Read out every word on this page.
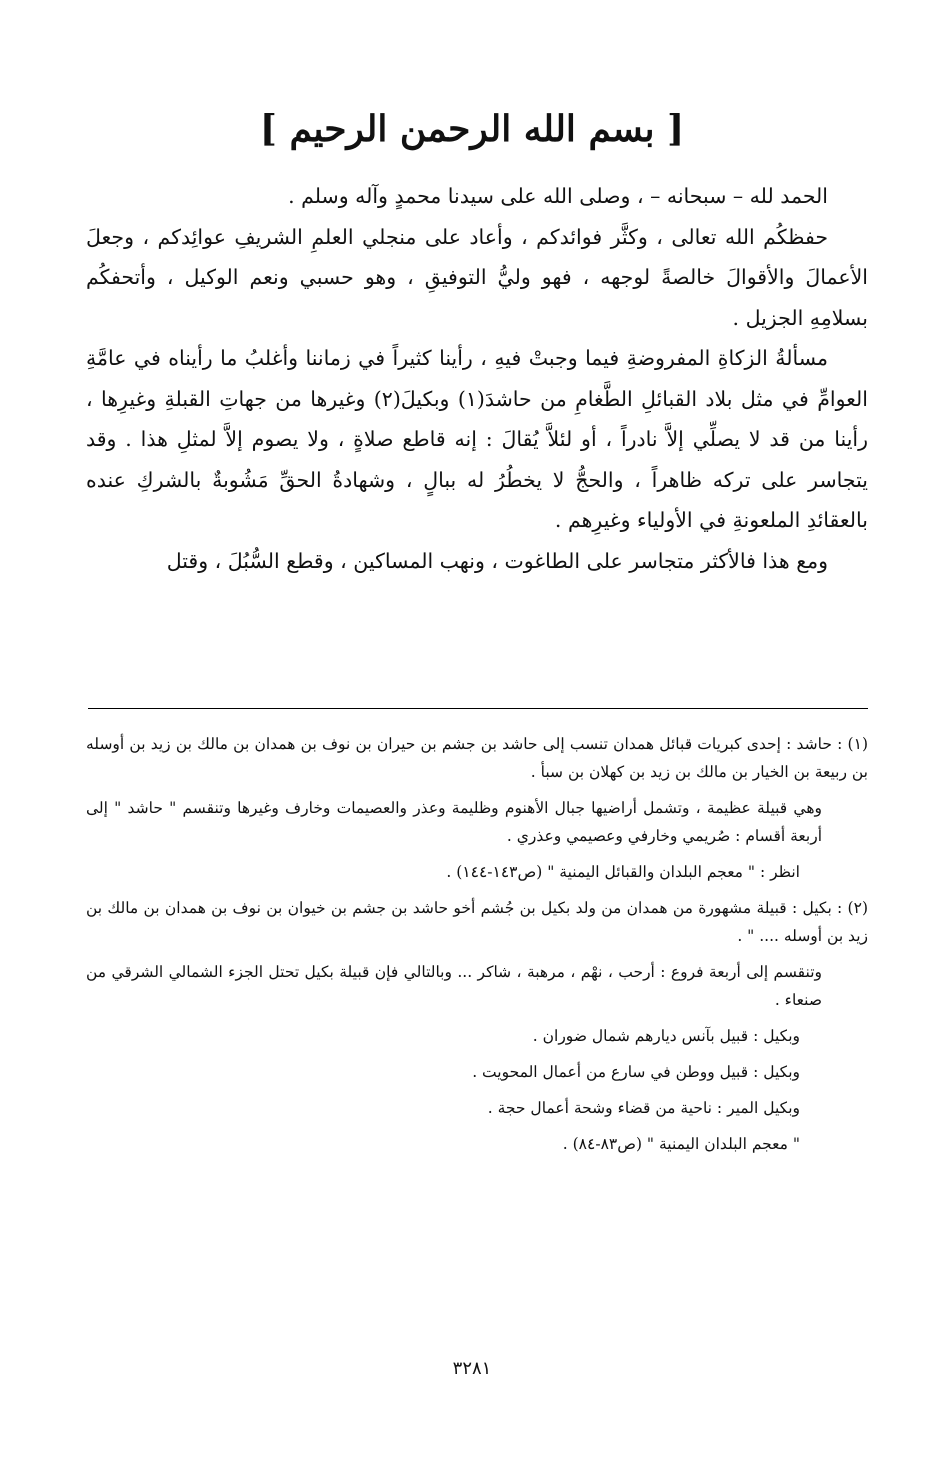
[ بسم الله الرحمن الرحيم ]

الحمد لله – سبحانه – ، وصلى الله على سيدنا محمدٍ وآله وسلم .

حفظكُم الله تعالى ، وكثَّر فوائدكم ، وأعاد على منجلي العلمِ الشريفِ عوائِدكم ، وجعلَ الأعمالَ والأقوالَ خالصةً لوجهه ، فهو وليُّ التوفيقِ ، وهو حسبي ونعم الوكيل ، وأتحفكُم بسلامِهِ الجزيل .

مسألةُ الزكاةِ المفروضةِ فيما وجبتْ فيهِ ، رأينا كثيراً في زماننا وأغلبُ ما رأيناه في عامَّةِ العوامِّ في مثل بلاد القبائلِ الطَّغامِ من حاشدَ(١) وبكيلَ(٢) وغيرها من جهاتِ القبلةِ وغيرِها ، رأينا من قد لا يصلِّي إلاَّ نادراً ، أو لئلاَّ يُقالَ : إنه قاطع صلاةٍ ، ولا يصوم إلاَّ لمثلِ هذا . وقد يتجاسر على تركه ظاهراً ، والحجُّ لا يخطُرُ له ببالٍ ، وشهادةُ الحقِّ مَشُوبةٌ بالشركِ عنده بالعقائدِ الملعونةِ في الأولياء وغيرِهم .

ومع هذا فالأكثر متجاسر على الطاغوت ، ونهب المساكين ، وقطع السُّبُلَ ، وقتل

(١) : حاشد : إحدى كبريات قبائل همدان تنسب إلى حاشد بن جشم بن حيران بن نوف بن همدان بن مالك بن زيد بن أوسله بن ربيعة بن الخيار بن مالك بن زيد بن كهلان بن سبأ .

وهي قبيلة عظيمة ، وتشمل أراضيها جبال الأهنوم وظليمة وعذر والعصيمات وخارف وغيرها وتنقسم " حاشد " إلى أربعة أقسام : صُريمي وخارفي وعصيمي وعذري .

انظر : " معجم البلدان والقبائل اليمنية " (ص١٤٣-١٤٤) .

(٢) : بكيل : قبيلة مشهورة من همدان من ولد بكيل بن جُشم أخو حاشد بن جشم بن خيوان بن نوف بن همدان بن مالك بن زيد بن أوسله .... " .

وتنقسم إلى أربعة فروع : أرحب ، نهْم ، مرهبة ، شاكر ... وبالتالي فإن قبيلة بكيل تحتل الجزء الشمالي الشرقي من صنعاء .

وبكيل : قبيل بآنس ديارهم شمال ضوران .

وبكيل : قبيل ووطن في سارع من أعمال المحويت .

وبكيل المير : ناحية من قضاء وشحة أعمال حجة .

" معجم البلدان اليمنية " (ص٨٣-٨٤) .

٣٢٨١
